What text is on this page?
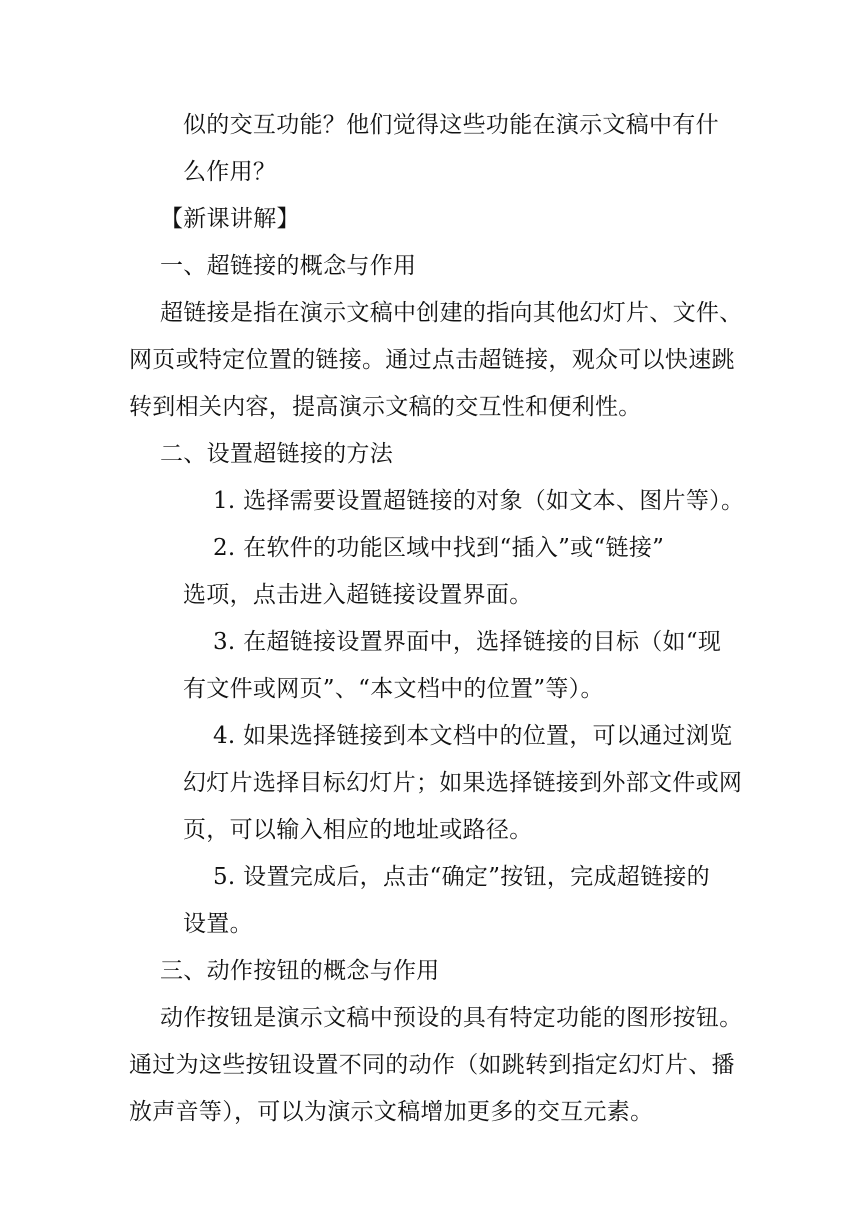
似的交互功能？他们觉得这些功能在演示文稿中有什
么作用？
【新课讲解】
一、超链接的概念与作用
超链接是指在演示文稿中创建的指向其他幻灯片、文件、
网页或特定位置的链接。通过点击超链接，观众可以快速跳
转到相关内容，提高演示文稿的交互性和便利性。
二、设置超链接的方法
1. 选择需要设置超链接的对象（如文本、图片等）。
2. 在软件的功能区域中找到“插入”或“链接”
选项，点击进入超链接设置界面。
3. 在超链接设置界面中，选择链接的目标（如“现
有文件或网页”、“本文档中的位置”等）。
4. 如果选择链接到本文档中的位置，可以通过浏览
幻灯片选择目标幻灯片；如果选择链接到外部文件或网
页，可以输入相应的地址或路径。
5. 设置完成后，点击“确定”按钮，完成超链接的
设置。
三、动作按钮的概念与作用
动作按钮是演示文稿中预设的具有特定功能的图形按钮。
通过为这些按钮设置不同的动作（如跳转到指定幻灯片、播
放声音等），可以为演示文稿增加更多的交互元素。
